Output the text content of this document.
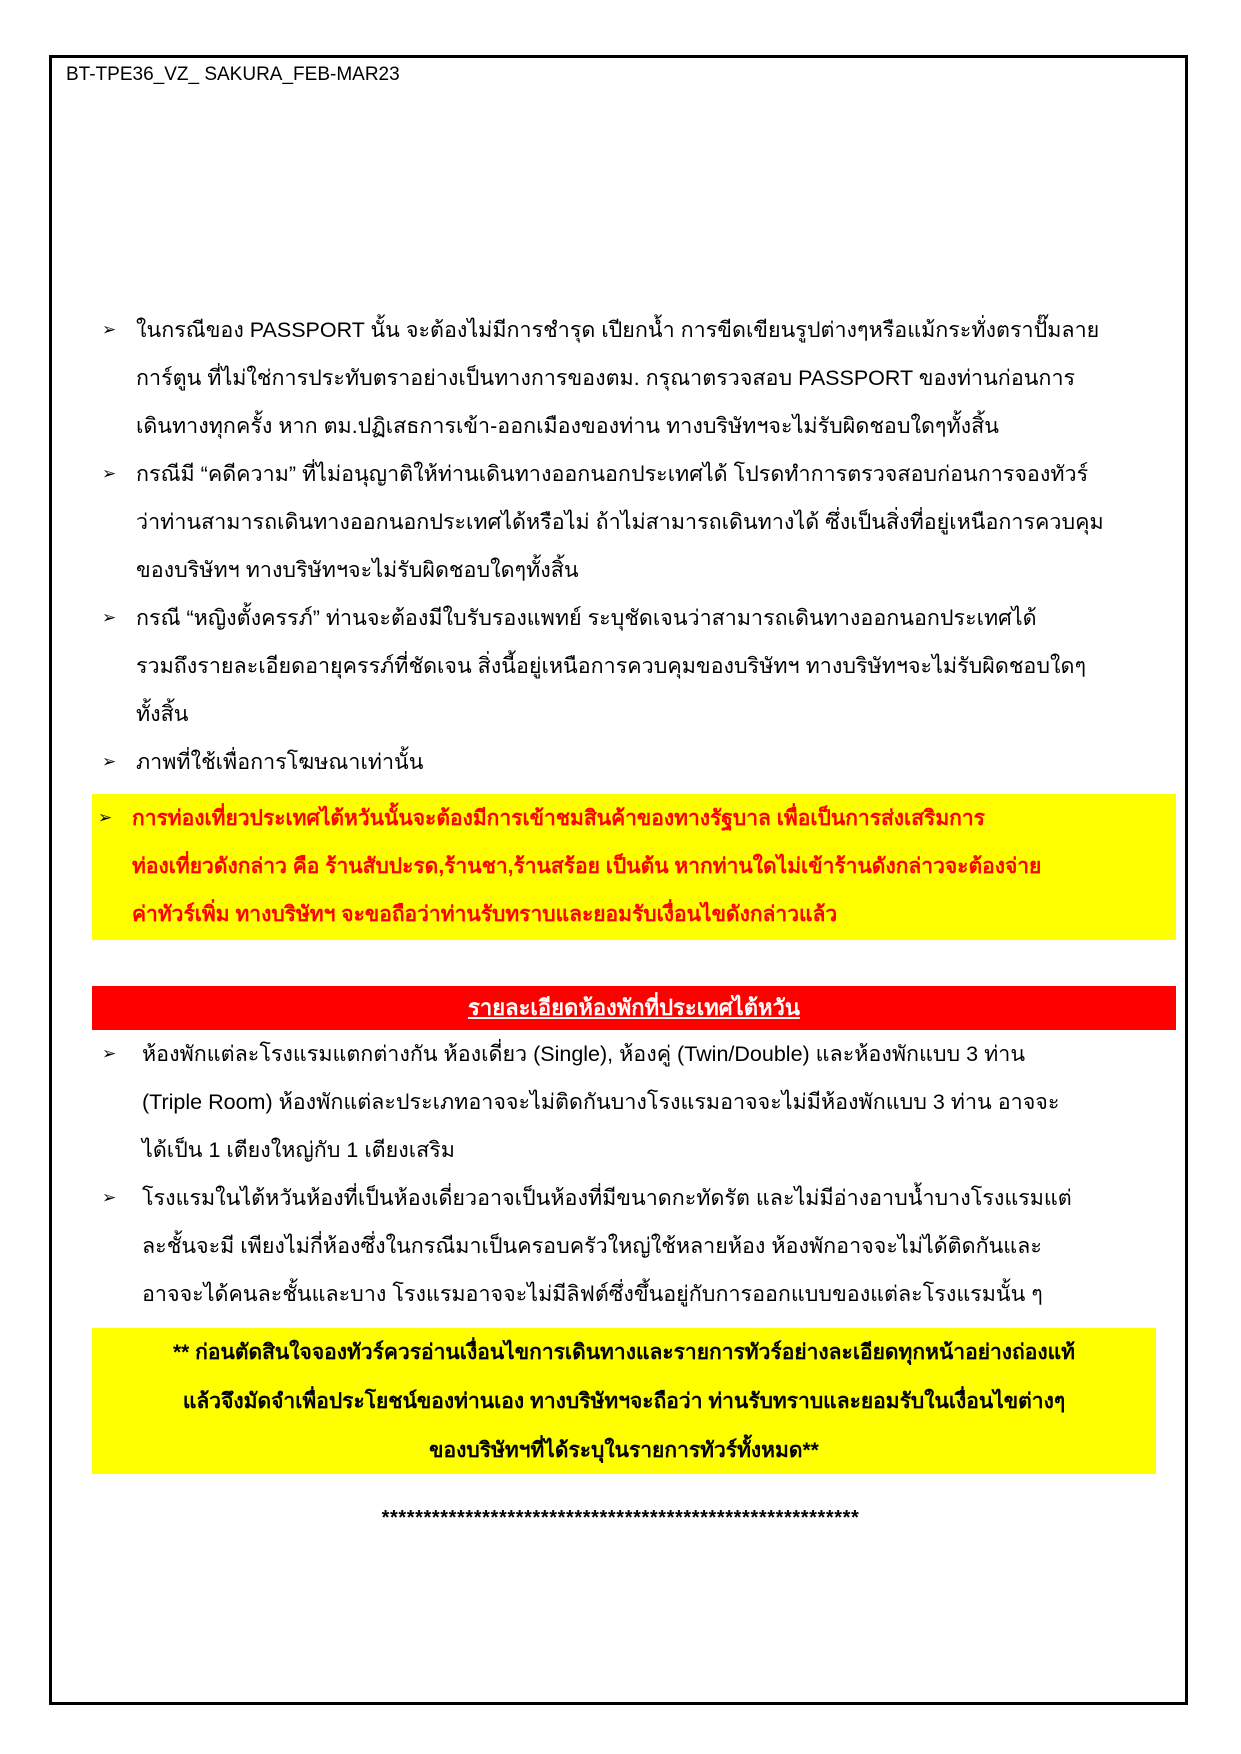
BT-TPE36_VZ_ SAKURA_FEB-MAR23
➢ ในกรณีของ PASSPORT นั้น จะต้องไม่มีการชำรุด เปียกน้ำ การขีดเขียนรูปต่างๆหรือแม้กระทั่งตราปั๊มลาย
การ์ตูน ที่ไม่ใช่การประทับตราอย่างเป็นทางการของตม. กรุณาตรวจสอบ PASSPORT ของท่านก่อนการ
เดินทางทุกครั้ง หาก ตม.ปฏิเสธการเข้า-ออกเมืองของท่าน ทางบริษัทฯจะไม่รับผิดชอบใดๆทั้งสิ้น
➢ กรณีมี “คดีความ” ที่ไม่อนุญาติให้ท่านเดินทางออกนอกประเทศได้ โปรดทำการตรวจสอบก่อนการจองทัวร์
ว่าท่านสามารถเดินทางออกนอกประเทศได้หรือไม่ ถ้าไม่สามารถเดินทางได้ ซึ่งเป็นสิ่งที่อยู่เหนือการควบคุม
ของบริษัทฯ ทางบริษัทฯจะไม่รับผิดชอบใดๆทั้งสิ้น
➢ กรณี “หญิงตั้งครรภ์” ท่านจะต้องมีใบรับรองแพทย์ ระบุชัดเจนว่าสามารถเดินทางออกนอกประเทศได้
รวมถึงรายละเอียดอายุครรภ์ที่ชัดเจน สิ่งนี้อยู่เหนือการควบคุมของบริษัทฯ ทางบริษัทฯจะไม่รับผิดชอบใดๆ
ทั้งสิ้น
➢ ภาพที่ใช้เพื่อการโฆษณาเท่านั้น
➢ การท่องเที่ยวประเทศไต้หวันนั้นจะต้องมีการเข้าชมสินค้าของทางรัฐบาล เพื่อเป็นการส่งเสริมการ
ท่องเที่ยวดังกล่าว คือ ร้านสับปะรด,ร้านชา,ร้านสร้อย เป็นต้น หากท่านใดไม่เข้าร้านดังกล่าวจะต้องจ่าย
ค่าทัวร์เพิ่ม ทางบริษัทฯ จะขอถือว่าท่านรับทราบและยอมรับเงื่อนไขดังกล่าวแล้ว
รายละเอียดห้องพักที่ประเทศไต้หวัน
➢ ห้องพักแต่ละโรงแรมแตกต่างกัน ห้องเดี่ยว (Single), ห้องคู่ (Twin/Double) และห้องพักแบบ 3 ท่าน
(Triple Room) ห้องพักแต่ละประเภทอาจจะไม่ติดกันบางโรงแรมอาจจะไม่มีห้องพักแบบ 3 ท่าน อาจจะ
ได้เป็น 1 เตียงใหญ่กับ 1 เตียงเสริม
➢ โรงแรมในไต้หวันห้องที่เป็นห้องเดี่ยวอาจเป็นห้องที่มีขนาดกะทัดรัต และไม่มีอ่างอาบน้ำบางโรงแรมแต่
ละชั้นจะมี เพียงไม่กี่ห้องซึ่งในกรณีมาเป็นครอบครัวใหญ่ใช้หลายห้อง ห้องพักอาจจะไม่ได้ติดกันและ
อาจจะได้คนละชั้นและบาง โรงแรมอาจจะไม่มีลิฟต์ซึ่งขึ้นอยู่กับการออกแบบของแต่ละโรงแรมนั้น ๆ

** ก่อนตัดสินใจจองทัวร์ควรอ่านเงื่อนไขการเดินทางและรายการทัวร์อย่างละเอียดทุกหน้าอย่างถ่องแท้

แล้วจึงมัดจำเพื่อประโยชน์ของท่านเอง ทางบริษัทฯจะถือว่า ท่านรับทราบและยอมรับในเงื่อนไขต่างๆ

ของบริษัทฯที่ได้ระบุในรายการทัวร์ทั้งหมด**

*********************************************************
